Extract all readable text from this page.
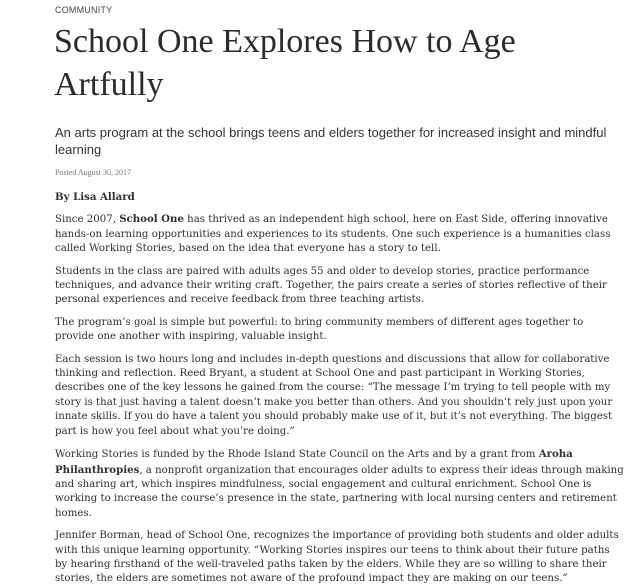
COMMUNITY
School One Explores How to Age Artfully

An arts program at the school brings teens and elders together for increased insight and mindful learning

Posted August 30, 2017

By Lisa Allard

Since 2007, School One has thrived as an independent high school, here on East Side, offering innovative hands-on learning opportunities and experiences to its students. One such experience is a humanities class called Working Stories, based on the idea that everyone has a story to tell.

Students in the class are paired with adults ages 55 and older to develop stories, practice performance techniques, and advance their writing craft. Together, the pairs create a series of stories reflective of their personal experiences and receive feedback from three teaching artists.

The program’s goal is simple but powerful: to bring community members of different ages together to provide one another with inspiring, valuable insight.

Each session is two hours long and includes in-depth questions and discussions that allow for collaborative thinking and reflection. Reed Bryant, a student at School One and past participant in Working Stories, describes one of the key lessons he gained from the course: “The message I’m trying to tell people with my story is that just having a talent doesn’t make you better than others. And you shouldn’t rely just upon your innate skills. If you do have a talent you should probably make use of it, but it’s not everything. The biggest part is how you feel about what you’re doing.”

Working Stories is funded by the Rhode Island State Council on the Arts and by a grant from Aroha Philanthropies, a nonprofit organization that encourages older adults to express their ideas through making and sharing art, which inspires mindfulness, social engagement and cultural enrichment. School One is working to increase the course’s presence in the state, partnering with local nursing centers and retirement homes.

Jennifer Borman, head of School One, recognizes the importance of providing both students and older adults with this unique learning opportunity. “Working Stories inspires our teens to think about their future paths by hearing firsthand of the well-traveled paths taken by the elders. While they are so willing to share their stories, the elders are sometimes not aware of the profound impact they are making on our teens.”
